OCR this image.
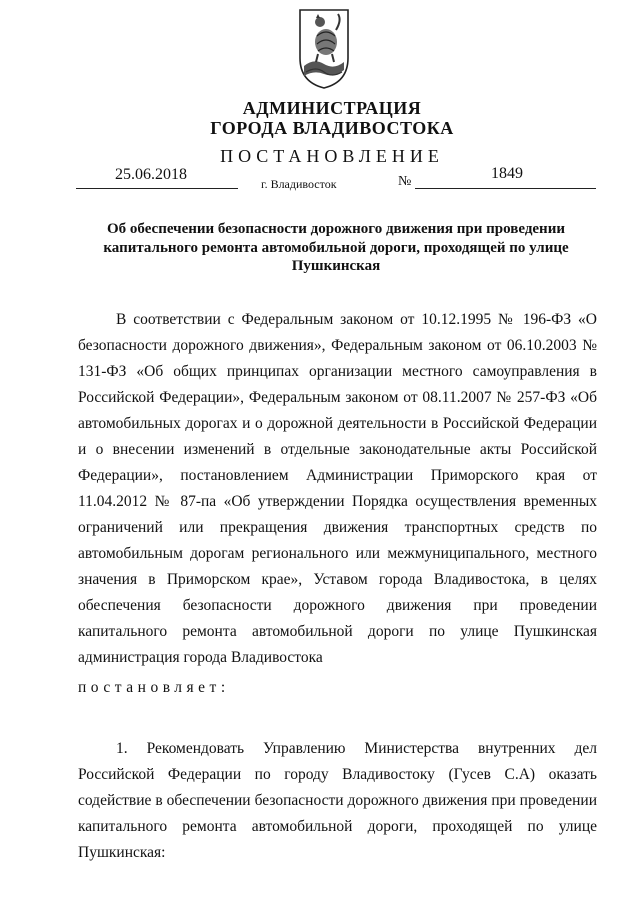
АДМИНИСТРАЦИЯ
ГОРОДА ВЛАДИВОСТОКА
ПОСТАНОВЛЕНИЕ
25.06.2018
г. Владивосток	№	1849
Об обеспечении безопасности дорожного движения при проведении капитального ремонта автомобильной дороги, проходящей по улице Пушкинская
В соответствии с Федеральным законом от 10.12.1995 № 196-ФЗ «О безопасности дорожного движения», Федеральным законом от 06.10.2003 № 131-ФЗ «Об общих принципах организации местного самоуправления в Российской Федерации», Федеральным законом от 08.11.2007 № 257-ФЗ «Об автомобильных дорогах и о дорожной деятельности в Российской Федерации и о внесении изменений в отдельные законодательные акты Российской Федерации», постановлением Администрации Приморского края от 11.04.2012 № 87-па «Об утверждении Порядка осуществления временных ограничений или прекращения движения транспортных средств по автомобильным дорогам регионального или межмуниципального, местного значения в Приморском крае», Уставом города Владивостока, в целях обеспечения безопасности дорожного движения при проведении капитального ремонта автомобильной дороги по улице Пушкинская администрация города Владивостока
постановляет:
1. Рекомендовать Управлению Министерства внутренних дел Российской Федерации по городу Владивостоку (Гусев С.А) оказать содействие в обеспечении безопасности дорожного движения при проведении капитального ремонта автомобильной дороги, проходящей по улице Пушкинская:
